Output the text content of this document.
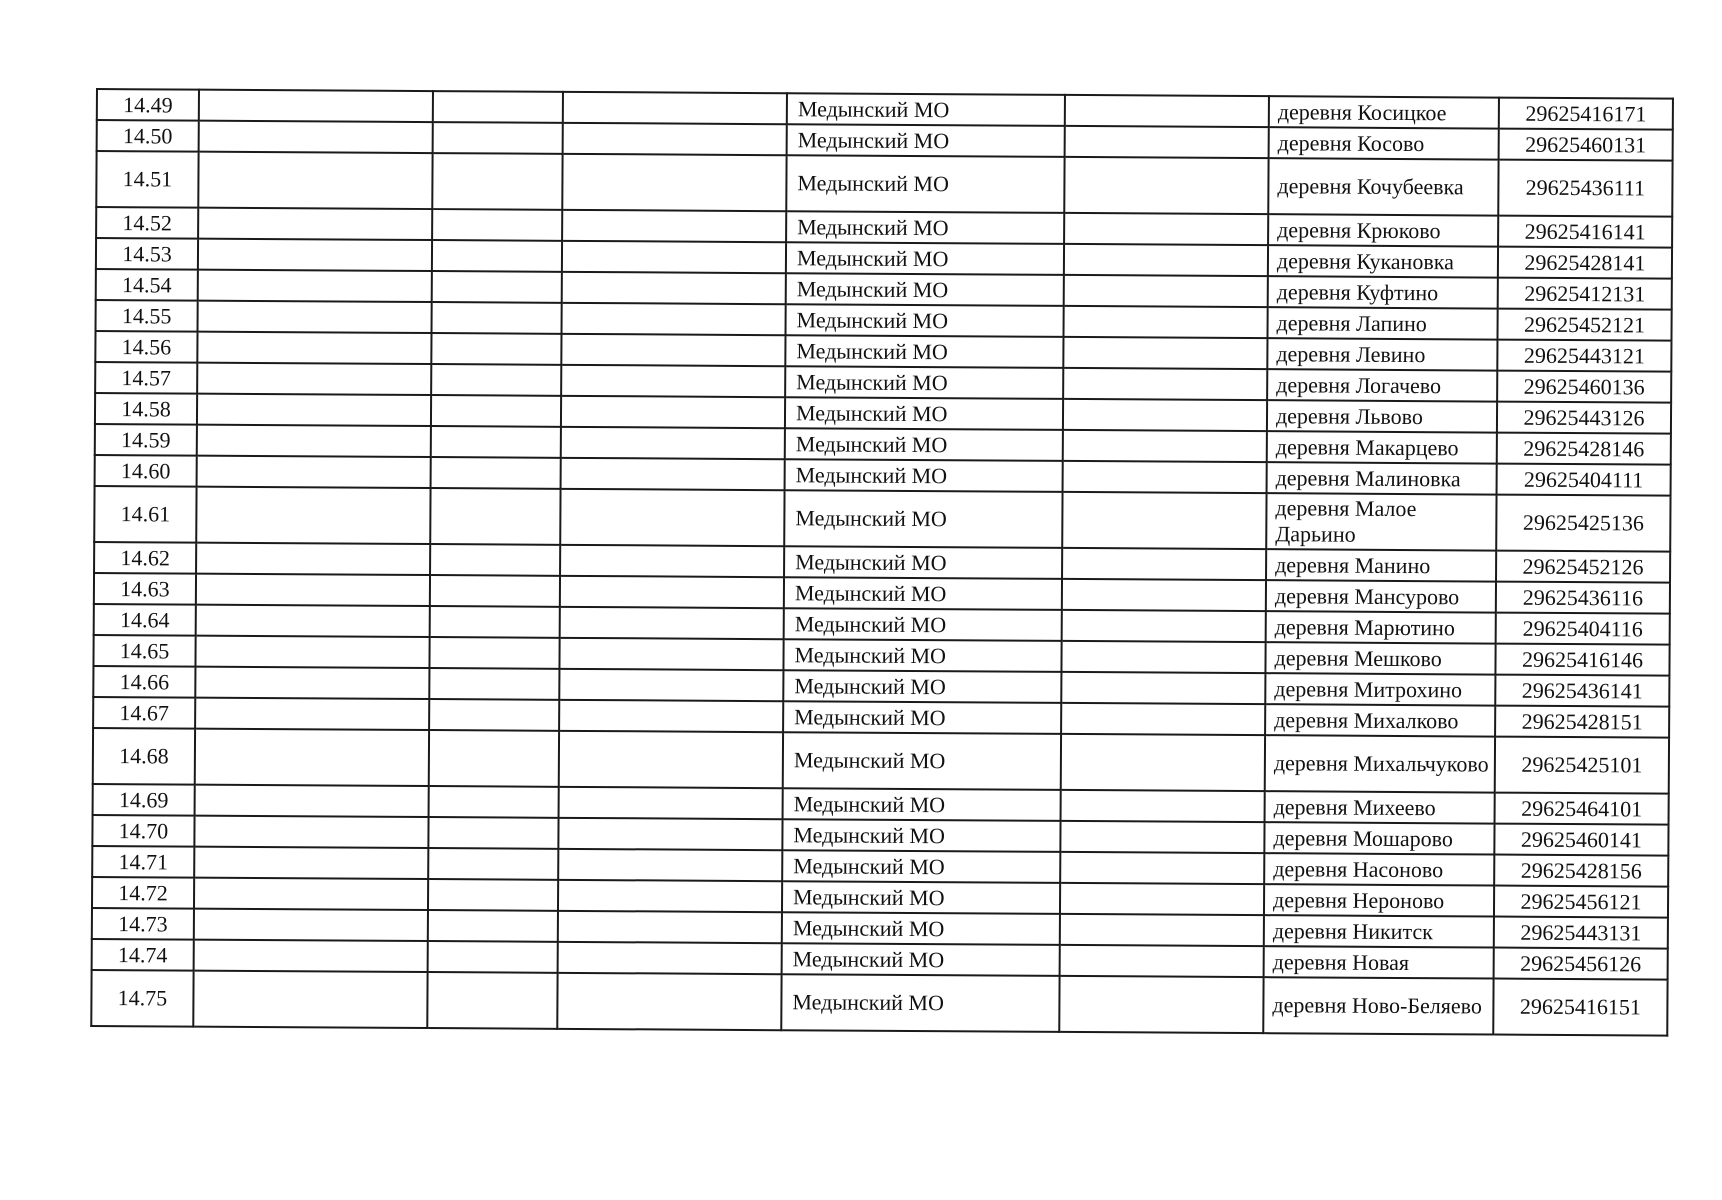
14.49				Медынский МО		деревня Косицкое	29625416171
14.50				Медынский МО		деревня Косово	29625460131
14.51				Медынский МО		деревня Кочубеевка	29625436111
14.52				Медынский МО		деревня Крюково	29625416141
14.53				Медынский МО		деревня Кукановка	29625428141
14.54				Медынский МО		деревня Куфтино	29625412131
14.55				Медынский МО		деревня Лапино	29625452121
14.56				Медынский МО		деревня Левино	29625443121
14.57				Медынский МО		деревня Логачево	29625460136
14.58				Медынский МО		деревня Львово	29625443126
14.59				Медынский МО		деревня Макарцево	29625428146
14.60				Медынский МО		деревня Малиновка	29625404111
14.61				Медынский МО		деревня Малое Дарьино	29625425136
14.62				Медынский МО		деревня Манино	29625452126
14.63				Медынский МО		деревня Мансурово	29625436116
14.64				Медынский МО		деревня Марютино	29625404116
14.65				Медынский МО		деревня Мешково	29625416146
14.66				Медынский МО		деревня Митрохино	29625436141
14.67				Медынский МО		деревня Михалково	29625428151
14.68				Медынский МО		деревня Михальчуково	29625425101
14.69				Медынский МО		деревня Михеево	29625464101
14.70				Медынский МО		деревня Мошарово	29625460141
14.71				Медынский МО		деревня Насоново	29625428156
14.72				Медынский МО		деревня Нероново	29625456121
14.73				Медынский МО		деревня Никитск	29625443131
14.74				Медынский МО		деревня Новая	29625456126
14.75				Медынский МО		деревня Ново-Беляево	29625416151
